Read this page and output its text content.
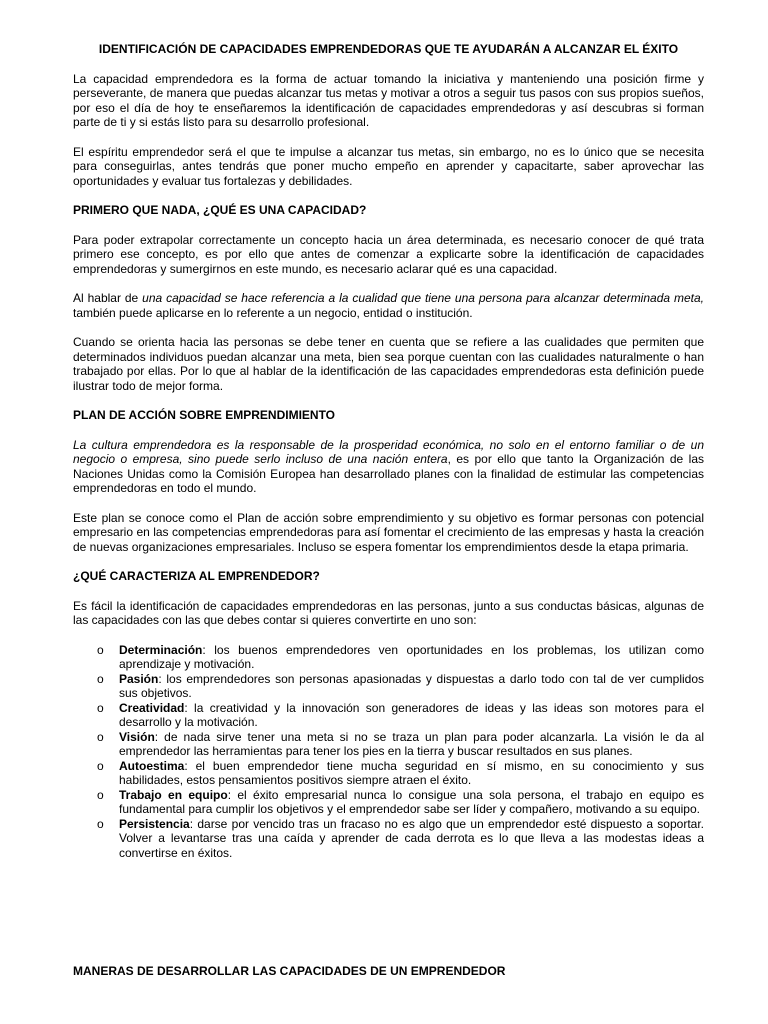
IDENTIFICACIÓN DE CAPACIDADES EMPRENDEDORAS QUE TE AYUDARÁN A ALCANZAR EL ÉXITO

La capacidad emprendedora es la forma de actuar tomando la iniciativa y manteniendo una posición firme y perseverante, de manera que puedas alcanzar tus metas y motivar a otros a seguir tus pasos con sus propios sueños, por eso el día de hoy te enseñaremos la identificación de capacidades emprendedoras y así descubras si forman parte de ti y si estás listo para su desarrollo profesional.

El espíritu emprendedor será el que te impulse a alcanzar tus metas, sin embargo, no es lo único que se necesita para conseguirlas, antes tendrás que poner mucho empeño en aprender y capacitarte, saber aprovechar las oportunidades y evaluar tus fortalezas y debilidades.

PRIMERO QUE NADA, ¿QUÉ ES UNA CAPACIDAD?

Para poder extrapolar correctamente un concepto hacia un área determinada, es necesario conocer de qué trata primero ese concepto, es por ello que antes de comenzar a explicarte sobre la identificación de capacidades emprendedoras y sumergirnos en este mundo, es necesario aclarar qué es una capacidad.

Al hablar de una capacidad se hace referencia a la cualidad que tiene una persona para alcanzar determinada meta, también puede aplicarse en lo referente a un negocio, entidad o institución.

Cuando se orienta hacia las personas se debe tener en cuenta que se refiere a las cualidades que permiten que determinados individuos puedan alcanzar una meta, bien sea porque cuentan con las cualidades naturalmente o han trabajado por ellas. Por lo que al hablar de la identificación de las capacidades emprendedoras esta definición puede ilustrar todo de mejor forma.

PLAN DE ACCIÓN SOBRE EMPRENDIMIENTO

La cultura emprendedora es la responsable de la prosperidad económica, no solo en el entorno familiar o de un negocio o empresa, sino puede serlo incluso de una nación entera, es por ello que tanto la Organización de las Naciones Unidas como la Comisión Europea han desarrollado planes con la finalidad de estimular las competencias emprendedoras en todo el mundo.

Este plan se conoce como el Plan de acción sobre emprendimiento y su objetivo es formar personas con potencial empresario en las competencias emprendedoras para así fomentar el crecimiento de las empresas y hasta la creación de nuevas organizaciones empresariales. Incluso se espera fomentar los emprendimientos desde la etapa primaria.

¿QUÉ CARACTERIZA AL EMPRENDEDOR?

Es fácil la identificación de capacidades emprendedoras en las personas, junto a sus conductas básicas, algunas de las capacidades con las que debes contar si quieres convertirte en uno son:

o Determinación: los buenos emprendedores ven oportunidades en los problemas, los utilizan como aprendizaje y motivación.
o Pasión: los emprendedores son personas apasionadas y dispuestas a darlo todo con tal de ver cumplidos sus objetivos.
o Creatividad: la creatividad y la innovación son generadores de ideas y las ideas son motores para el desarrollo y la motivación.
o Visión: de nada sirve tener una meta si no se traza un plan para poder alcanzarla. La visión le da al emprendedor las herramientas para tener los pies en la tierra y buscar resultados en sus planes.
o Autoestima: el buen emprendedor tiene mucha seguridad en sí mismo, en su conocimiento y sus habilidades, estos pensamientos positivos siempre atraen el éxito.
o Trabajo en equipo: el éxito empresarial nunca lo consigue una sola persona, el trabajo en equipo es fundamental para cumplir los objetivos y el emprendedor sabe ser líder y compañero, motivando a su equipo.
o Persistencia: darse por vencido tras un fracaso no es algo que un emprendedor esté dispuesto a soportar. Volver a levantarse tras una caída y aprender de cada derrota es lo que lleva a las modestas ideas a convertirse en éxitos.
MANERAS DE DESARROLLAR LAS CAPACIDADES DE UN EMPRENDEDOR
